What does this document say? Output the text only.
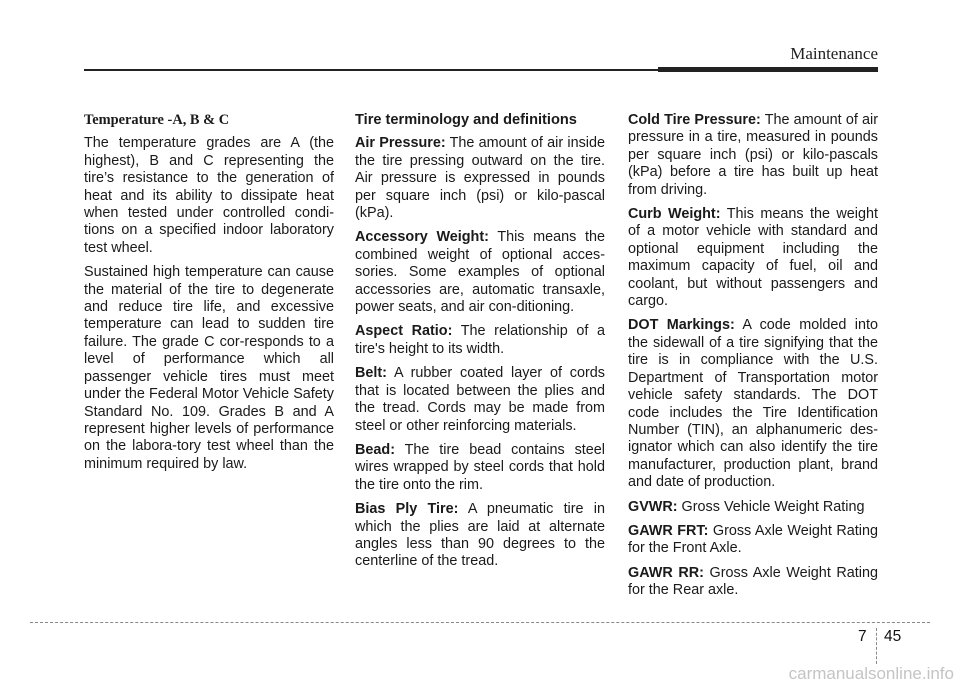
Maintenance
Temperature -A, B & C

The temperature grades are A (the highest), B and C representing the tire’s resistance to the generation of heat and its ability to dissipate heat when tested under controlled condi-tions on a specified indoor laboratory test wheel.

Sustained high temperature can cause the material of the tire to degenerate and reduce tire life, and excessive temperature can lead to sudden tire failure. The grade C cor-responds to a level of performance which all passenger vehicle tires must meet under the Federal Motor Vehicle Safety Standard No. 109. Grades B and A represent higher levels of performance on the labora-tory test wheel than the minimum required by law.

Tire terminology and definitions

Air Pressure: The amount of air inside the tire pressing outward on the tire. Air pressure is expressed in pounds per square inch (psi) or kilo-pascal (kPa).

Accessory Weight: This means the combined weight of optional acces-sories. Some examples of optional accessories are, automatic transaxle, power seats, and air con-ditioning.

Aspect Ratio: The relationship of a tire's height to its width.

Belt: A rubber coated layer of cords that is located between the plies and the tread. Cords may be made from steel or other reinforcing materials.

Bead: The tire bead contains steel wires wrapped by steel cords that hold the tire onto the rim.

Bias Ply Tire: A pneumatic tire in which the plies are laid at alternate angles less than 90 degrees to the centerline of the tread.

Cold Tire Pressure: The amount of air pressure in a tire, measured in pounds per square inch (psi) or kilo-pascals (kPa) before a tire has built up heat from driving.

Curb Weight: This means the weight of a motor vehicle with standard and optional equipment including the maximum capacity of fuel, oil and coolant, but without passengers and cargo.

DOT Markings: A code molded into the sidewall of a tire signifying that the tire is in compliance with the U.S. Department of Transportation motor vehicle safety standards. The DOT code includes the Tire Identification Number (TIN), an alphanumeric des-ignator which can also identify the tire manufacturer, production plant, brand and date of production.

GVWR: Gross Vehicle Weight Rating

GAWR FRT: Gross Axle Weight Rating for the Front Axle.

GAWR RR: Gross Axle Weight Rating for the Rear axle.

7 45
carmanualsonline.info
